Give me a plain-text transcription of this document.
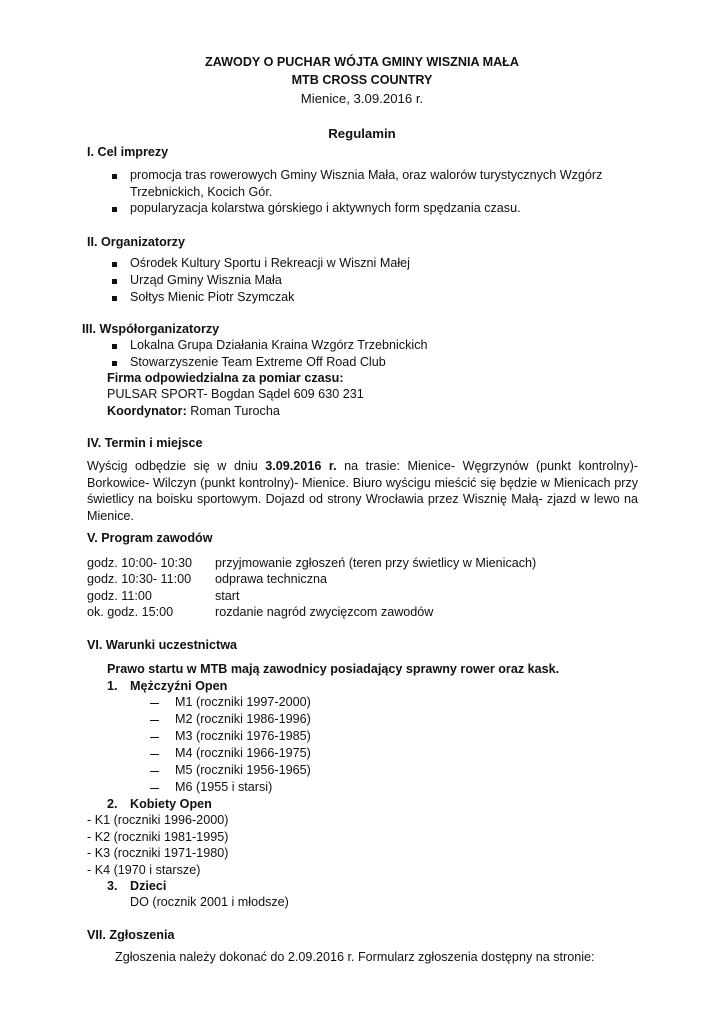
ZAWODY O PUCHAR WÓJTA GMINY WISZNIA MAŁA
MTB CROSS COUNTRY
Mienice, 3.09.2016 r.
Regulamin
I. Cel imprezy
promocja tras rowerowych Gminy Wisznia Mała, oraz walorów turystycznych Wzgórz
Trzebnickich, Kocich Gór.
popularyzacja kolarstwa górskiego i aktywnych form spędzania czasu.
II. Organizatorzy
Ośrodek Kultury Sportu i Rekreacji w Wiszni Małej
Urząd Gminy Wisznia Mała
Sołtys Mienic Piotr Szymczak
III. Współorganizatorzy
Lokalna Grupa Działania Kraina Wzgórz Trzebnickich
Stowarzyszenie Team Extreme Off Road Club
Firma odpowiedzialna za pomiar czasu:
PULSAR SPORT- Bogdan Sądel 609 630 231
Koordynator: Roman Turocha
IV. Termin i miejsce
Wyścig odbędzie się w dniu 3.09.2016 r. na trasie: Mienice- Węgrzynów (punkt kontrolny)- Borkowice- Wilczyn (punkt kontrolny)- Mienice. Biuro wyścigu mieścić się będzie w Mienicach przy świetlicy na boisku sportowym. Dojazd od strony Wrocławia przez Wisznię Małą- zjazd w lewo na Mienice.
V. Program zawodów
godz. 10:00- 10:30 przyjmowanie zgłoszeń (teren przy świetlicy w Mienicach)
godz. 10:30- 11:00 odprawa techniczna
godz. 11:00	start
ok. godz. 15:00	rozdanie nagród zwycięzcom zawodów
VI. Warunki uczestnictwa
Prawo startu w MTB mają zawodnicy posiadający sprawny rower oraz kask.
1. Mężczyźni Open
M1 (roczniki 1997-2000)
M2 (roczniki 1986-1996)
M3 (roczniki 1976-1985)
M4 (roczniki 1966-1975)
M5 (roczniki 1956-1965)
M6 (1955 i starsi)
2. Kobiety Open
- K1 (roczniki 1996-2000)
- K2 (roczniki 1981-1995)
- K3 (roczniki 1971-1980)
- K4 (1970 i starsze)
3. Dzieci
DO (rocznik 2001 i młodsze)
VII. Zgłoszenia
Zgłoszenia należy dokonać do 2.09.2016 r. Formularz zgłoszenia dostępny na stronie:
